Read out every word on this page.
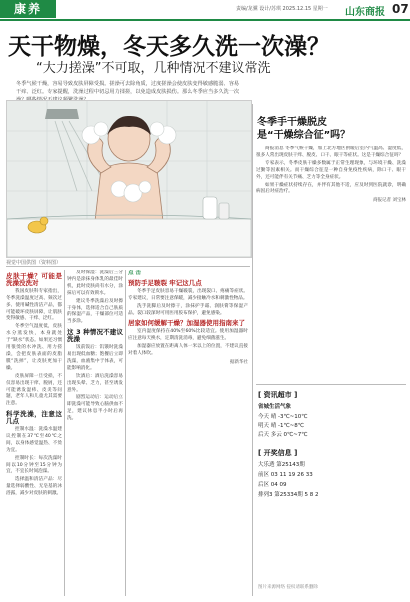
康养	责编/龙骥 设计/苏琪 2025.12.15 星期一 山东商报 07
天干物燥，冬天多久洗一次澡？
“大力搓澡”不可取，几种情况不建议常洗
冬季气候干燥，容易导致皮肤屏障受损。搓澡可去除角质，过度搓澡会使皮肤变得敏感脆弱、容易干痒、泛红。专家提醒，洗澡过程中切忌用力揉搓，以免造成皮肤损伤。那么冬季应当多久洗一次
视觉中国供图（资料图）

皮肤干燥？可能是洗澡没洗对

我国皮肤科专家指出，冬季洗澡温度过高、频次过多、使用碱性清洁产品，都可能破坏皮肤屏障，让肌肤变得敏感、干痒、泛红。

冬季空气湿度低，皮肤水分蒸发快，本身就处于“缺水”状态。如果还习惯用很烫的水冲洗、用力搓澡，会把皮肤表面的皮脂膜“洗掉”，让皮肤更加干燥。

皮肤屏障一旦受损，不仅容易出现干痒、脱屑，还可能诱发湿疹、皮炎等问题，老年人和儿童尤其需要注意。

科学洗澡，注意这几点

控制水温：洗澡水温建议控制在37℃至40℃之间，以身体感觉温热、不烫为宜。

控制时长：每次洗澡时间以10分钟至15分钟为宜，不宜长时间泡澡。

选择温和清洁产品：尽量选择弱酸性、无皂基的沐浴露，减少对皮肤的刺激。

及时保湿：洗澡后三分钟内是涂抹身体乳的最佳时机，此时皮肤尚有水分，涂抹后可以有效锁水。

建议冬季洗澡后及时擦干身体，选择适合自己肤质的保湿产品，干燥部位可适当多涂。

这 3 种情况不建议洗澡

饭前饭后：饥饿时洗澡易出现低血糖；饱餐后立即洗澡，血液集中于体表，可能影响消化。

饮酒后：酒后洗澡容易出现头晕、乏力，甚至诱发意外。

剧烈运动后：运动后立即洗澡可能导致心脑供血不足，建议休息半小时后再洗。

点 击

预防手足皲裂 牢记这几点

冬季手足皮肤容易干燥皲裂，出现裂口、疼痛等症状。专家建议，日常要注意保暖，减少接触冷水和刺激性物品。

洗手洗脚后及时擦干，涂抹护手霜、润肤膏等保湿产品。裂口较深时可用医用胶布保护，避免感染。

居家如何缓解干燥？加湿器使用指南来了

室内湿度保持在40%至60%比较适宜。使用加湿器时应注意每天换水，定期清洗消毒，避免细菌滋生。

加湿器应放置在距离人体一米以上的位置，不建议直接对着人体吹。

据新华社

冬季手干燥脱皮
是“干燥综合征”吗？

商报消息 冬季气候干燥，加上北方地区供暖后室内气温高、湿度低，很多人常出现皮肤干痒、脱皮、口干、眼干等症状。这是干燥综合征吗？

专家表示，冬季皮肤干燥多数属于正常生理现象，与环境干燥、洗澡过勤等因素相关。而干燥综合征是一种自身免疫性疾病，除口干、眼干外，还可能伴有关节痛、乏力等全身症状。

如果干燥症状持续存在，并伴有其他不适，应及时到医院就诊，明确病因后对症治疗。

商报记者 刘宝林

[ 资讯超市 ]
省城生活气象
今天 晴 -3℃~10℃
明天 晴 -1℃~8℃
后天 多云 0℃~7℃
[ 开奖信息 ]
大乐透 第25143期
前区 03 11 19 26 33
后区 04 09
排列3 第25334期 5 8 2
图片来源网络 侵权请联系删除
